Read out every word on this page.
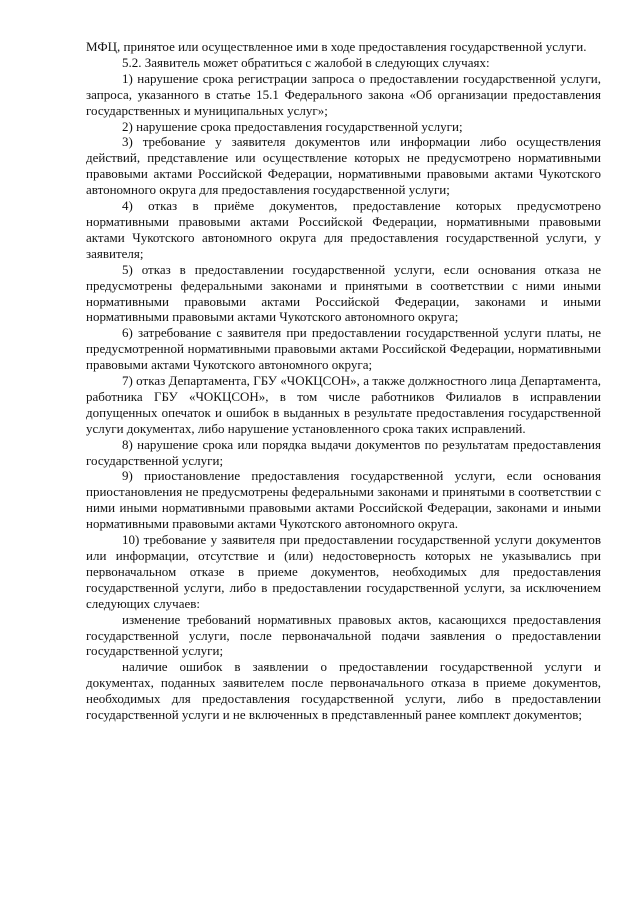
МФЦ, принятое или осуществленное ими в ходе предоставления государственной услуги.

5.2. Заявитель может обратиться с жалобой в следующих случаях:

1) нарушение срока регистрации запроса о предоставлении государственной услуги, запроса, указанного в статье 15.1 Федерального закона «Об организации предоставления государственных и муниципальных услуг»;

2) нарушение срока предоставления государственной услуги;

3) требование у заявителя документов или информации либо осуществления действий, представление или осуществление которых не предусмотрено нормативными правовыми актами Российской Федерации, нормативными правовыми актами Чукотского автономного округа для предоставления государственной услуги;

4) отказ в приёме документов, предоставление которых предусмотрено нормативными правовыми актами Российской Федерации, нормативными правовыми актами Чукотского автономного округа для предоставления государственной услуги, у заявителя;

5) отказ в предоставлении государственной услуги, если основания отказа не предусмотрены федеральными законами и принятыми в соответствии с ними иными нормативными правовыми актами Российской Федерации, законами и иными нормативными правовыми актами Чукотского автономного округа;

6) затребование с заявителя при предоставлении государственной услуги платы, не предусмотренной нормативными правовыми актами Российской Федерации, нормативными правовыми актами Чукотского автономного округа;

7) отказ Департамента, ГБУ «ЧОКЦСОН», а также должностного лица Департамента, работника ГБУ «ЧОКЦСОН», в том числе работников Филиалов в исправлении допущенных опечаток и ошибок в выданных в результате предоставления государственной услуги документах, либо нарушение установленного срока таких исправлений.

8) нарушение срока или порядка выдачи документов по результатам предоставления государственной услуги;

9) приостановление предоставления государственной услуги, если основания приостановления не предусмотрены федеральными законами и принятыми в соответствии с ними иными нормативными правовыми актами Российской Федерации, законами и иными нормативными правовыми актами Чукотского автономного округа.

10) требование у заявителя при предоставлении государственной услуги документов или информации, отсутствие и (или) недостоверность которых не указывались при первоначальном отказе в приеме документов, необходимых для предоставления государственной услуги, либо в предоставлении государственной услуги, за исключением следующих случаев:

изменение требований нормативных правовых актов, касающихся предоставления государственной услуги, после первоначальной подачи заявления о предоставлении государственной услуги;

наличие ошибок в заявлении о предоставлении государственной услуги и документах, поданных заявителем после первоначального отказа в приеме документов, необходимых для предоставления государственной услуги, либо в предоставлении государственной услуги и не включенных в представленный ранее комплект документов;
